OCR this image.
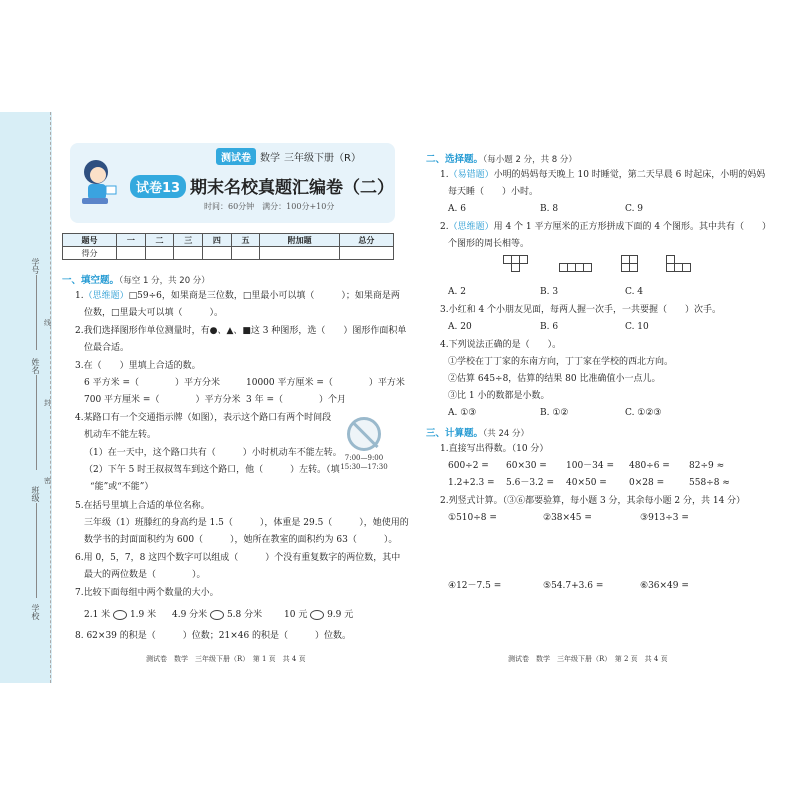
学号
姓名
班级
学校
线
封
密
测试卷 数学 三年级下册（R）
试卷13 期末名校真题汇编卷（二）
时间：60分钟　满分：100分+10分
题号	一	二	三	四	五	附加题	总分
得分							
一、填空题。（每空 1 分，共 20 分）
1.（思维题）□59÷6，如果商是三位数，□里最小可以填（　　　）；如果商是两
位数，□里最大可以填（　　　）。
2.我们选择图形作单位测量时，有●、▲、■这 3 种图形，选（　　）图形作面积单
位最合适。
3.在（　　）里填上合适的数。
6 平方米 =（　　　　）平方分米	10000 平方厘米 =（　　　　）平方米
700 平方厘米 =（　　　　）平方分米 3 年 =（　　　　）个月
4.某路口有一个交通指示牌（如图），表示这个路口有两个时间段
机动车不能左转。
（1）在一天中，这个路口共有（　　　）小时机动车不能左转。
（2）下午 5 时王叔叔驾车到这个路口，他（　　　）左转。（填
“能”或“不能”）
7:00—9:00
15:30—17:30
5.在括号里填上合适的单位名称。
三年级（1）班滕红的身高约是 1.5（　　　），体重是 29.5（　　　），她使用的
数学书的封面面积约为 600（　　　），她所在教室的面积约为 63（　　　）。
6.用 0，5，7，8 这四个数字可以组成（　　　）个没有重复数字的两位数，其中
最大的两位数是（　　　　）。
7.比较下面每组中两个数量的大小。
2.1 米 1.9 米 4.9 分米 5.8 分米 10 元 9.9 元
8. 62×39 的积是（　　　）位数；21×46 的积是（　　　）位数。
测试卷　数学　三年级下册（R）　第 1 页　共 4 页
二、选择题。（每小题 2 分，共 8 分）
1.（易错题）小明的妈妈每天晚上 10 时睡觉，第二天早晨 6 时起床，小明的妈妈
每天睡（　　）小时。
A. 6	B. 8	C. 9
2.（思维题）用 4 个 1 平方厘米的正方形拼成下面的 4 个图形。其中共有（　　）
个图形的周长相等。
A. 2	B. 3	C. 4
3.小红和 4 个小朋友见面，每两人握一次手，一共要握（　　）次手。
A. 20	B. 6	C. 10
4.下列说法正确的是（　　）。
①学校在丁丁家的东南方向，丁丁家在学校的西北方向。
②估算 645÷8，估算的结果 80 比准确值小一点儿。
③比 1 小的数都是小数。
A. ①③	B. ①②	C. ①②③
三、计算题。（共 24 分）
1.直接写出得数。（10 分）
600÷2 = 60×30 = 100－34 = 480÷6 = 82÷9 ≈
1.2+2.3 = 5.6－3.2 = 40×50 = 0×28 =	558÷8 ≈
2.列竖式计算。（③⑥都要验算，每小题 3 分，其余每小题 2 分，共 14 分）
①510÷8 =	②38×45 =	③913÷3 =
④12－7.5 =	⑤54.7+3.6 =	⑥36×49 =
测试卷　数学　三年级下册（R）　第 2 页　共 4 页
